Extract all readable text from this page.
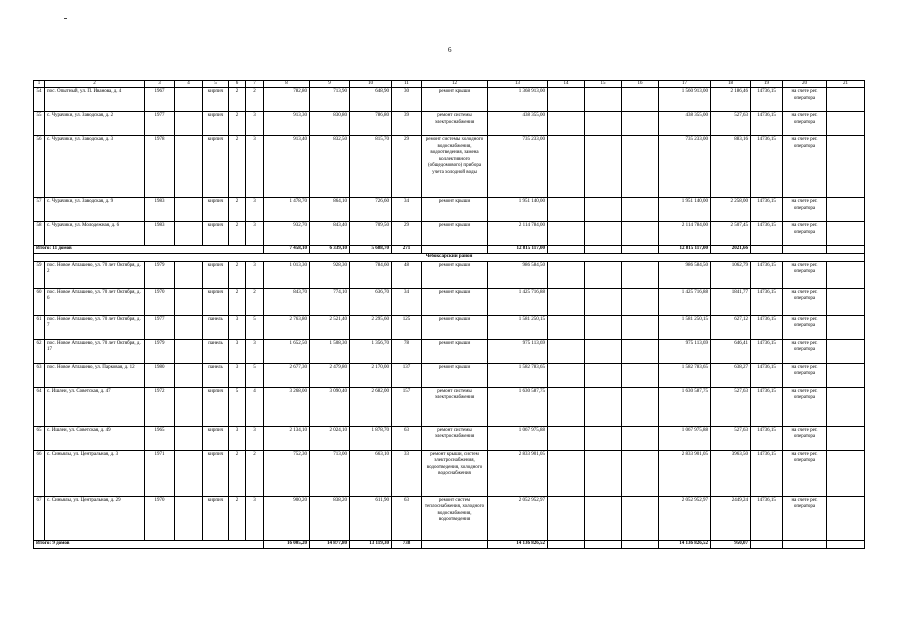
6
1	2	3	4	5	6	7	8	9	10	11	12	13	14	15	16	17	18	19	20	21
54	пос. Опытный, ул. П. Иванова, д. 4	1967		кирпич	2	2	782,80	713,90	648,90	30	ремонт крыши	1 368 913,00				1 560 913,00	2 186,46	14736,15	на счете рег. оператора	
55	с. Чурачики, ул. Заводская, д. 2	1977		кирпич	2	3	913,30	830,80	786,80	39	ремонт системы электроснабжения	438 355,00				438 355,00	527,63	14736,15	на счете рег. оператора	
56	с. Чурачики, ул. Заводская, д. 3	1978		кирпич	2	3	913,40	832,50	815,70	29	ремонт системы холодного водоснабжения, водоотведения, замена коллективного (общедомового) прибора учета холодной воды	735 233,00				735 233,00	883,16	14736,15	на счете рег. оператора	
57	с. Чурачики, ул. Заводская, д. 9	1983		кирпич	2	3	1 478,70	864,10	726,60	34	ремонт крыши	1 951 140,00				1 951 140,00	2 258,00	14736,15	на счете рег. оператора	
58	с. Чурачики, ул. Молодежная, д. 6	1983		кирпич	2	3	932,70	843,40	709,50	29	ремонт крыши	2 114 784,00				2 114 784,00	2 507,45	14736,15	на счете рег. оператора	
Итого: 11 домов							7 458,10	6 339,10	5 688,70	271		12 815 117,00				12 815 117,00	2021,66			
Чебоксарский район																				
59	пос. Новое Атлашево, ул. 70 лет Октября, д. 2	1979		кирпич	2	3	1 013,30	928,30	784,60	48	ремонт крыши	986 584,50				986 584,50	1062,79	14736,15	на счете рег. оператора	
60	пос. Новое Атлашево, ул. 70 лет Октября, д. 6	1970		кирпич	2	2	843,70	774,10	636,70	34	ремонт крыши	1 425 716,88				1 425 716,88	1841,77	14736,15	на счете рег. оператора	
61	пос. Новое Атлашево, ул. 70 лет Октября, д. 7	1977		панель	3	5	2 763,80	2 521,40	2 295,60	125	ремонт крыши	1 581 250,15				1 581 250,15	627,12	14736,15	на счете рег. оператора	
62	пос. Новое Атлашево, ул. 70 лет Октября, д. 17	1979		панель	3	3	1 652,50	1 508,30	1 356,70	78	ремонт крыши	975 113,69				975 113,69	646,41	14736,15	на счете рег. оператора	
63	пос. Новое Атлашево, ул. Парковая, д. 12	1980		панель	3	5	2 677,30	2 479,80	2 170,00	137	ремонт крыши	1 582 783,65				1 582 783,65	638,27	14736,15	на счете рег. оператора	
64	с. Ишлеи, ул. Советская, д. 47	1972		кирпич	5	4	3 268,00	3 090,40	2 682,00	157	ремонт системы электроснабжения	1 630 587,75				1 630 587,75	527,63	14736,15	на счете рег. оператора	
65	с. Ишлеи, ул. Советская, д. 49	1965		кирпич	3	3	2 134,10	2 024,10	1 878,70	63	ремонт системы электроснабжения	1 067 975,88				1 067 975,88	527,63	14736,15	на счете рег. оператора	
66	с. Синьялы, ул. Центральная, д. 3	1971		кирпич	2	2	752,30	713,00	663,10	33	ремонт крыши, систем электроснабжения, водоотведения, холодного водоснабжения	2 833 901,05				2 833 901,05	3963,50	14736,15	на счете рег. оператора	
67	с. Синьялы, ул. Центральная, д. 29	1970		кирпич	2	3	900,20	838,20	611,90	63	ремонт систем теплоснабжения, холодного водоснабжения, водоотведения	2 052 952,97				2 052 952,97	2449,24	14736,15	на счете рег. оператора	
Итого: 9 домов							16 005,20	14 877,80	13 119,30	738		14 136 826,52				14 136 826,52	950,07			
